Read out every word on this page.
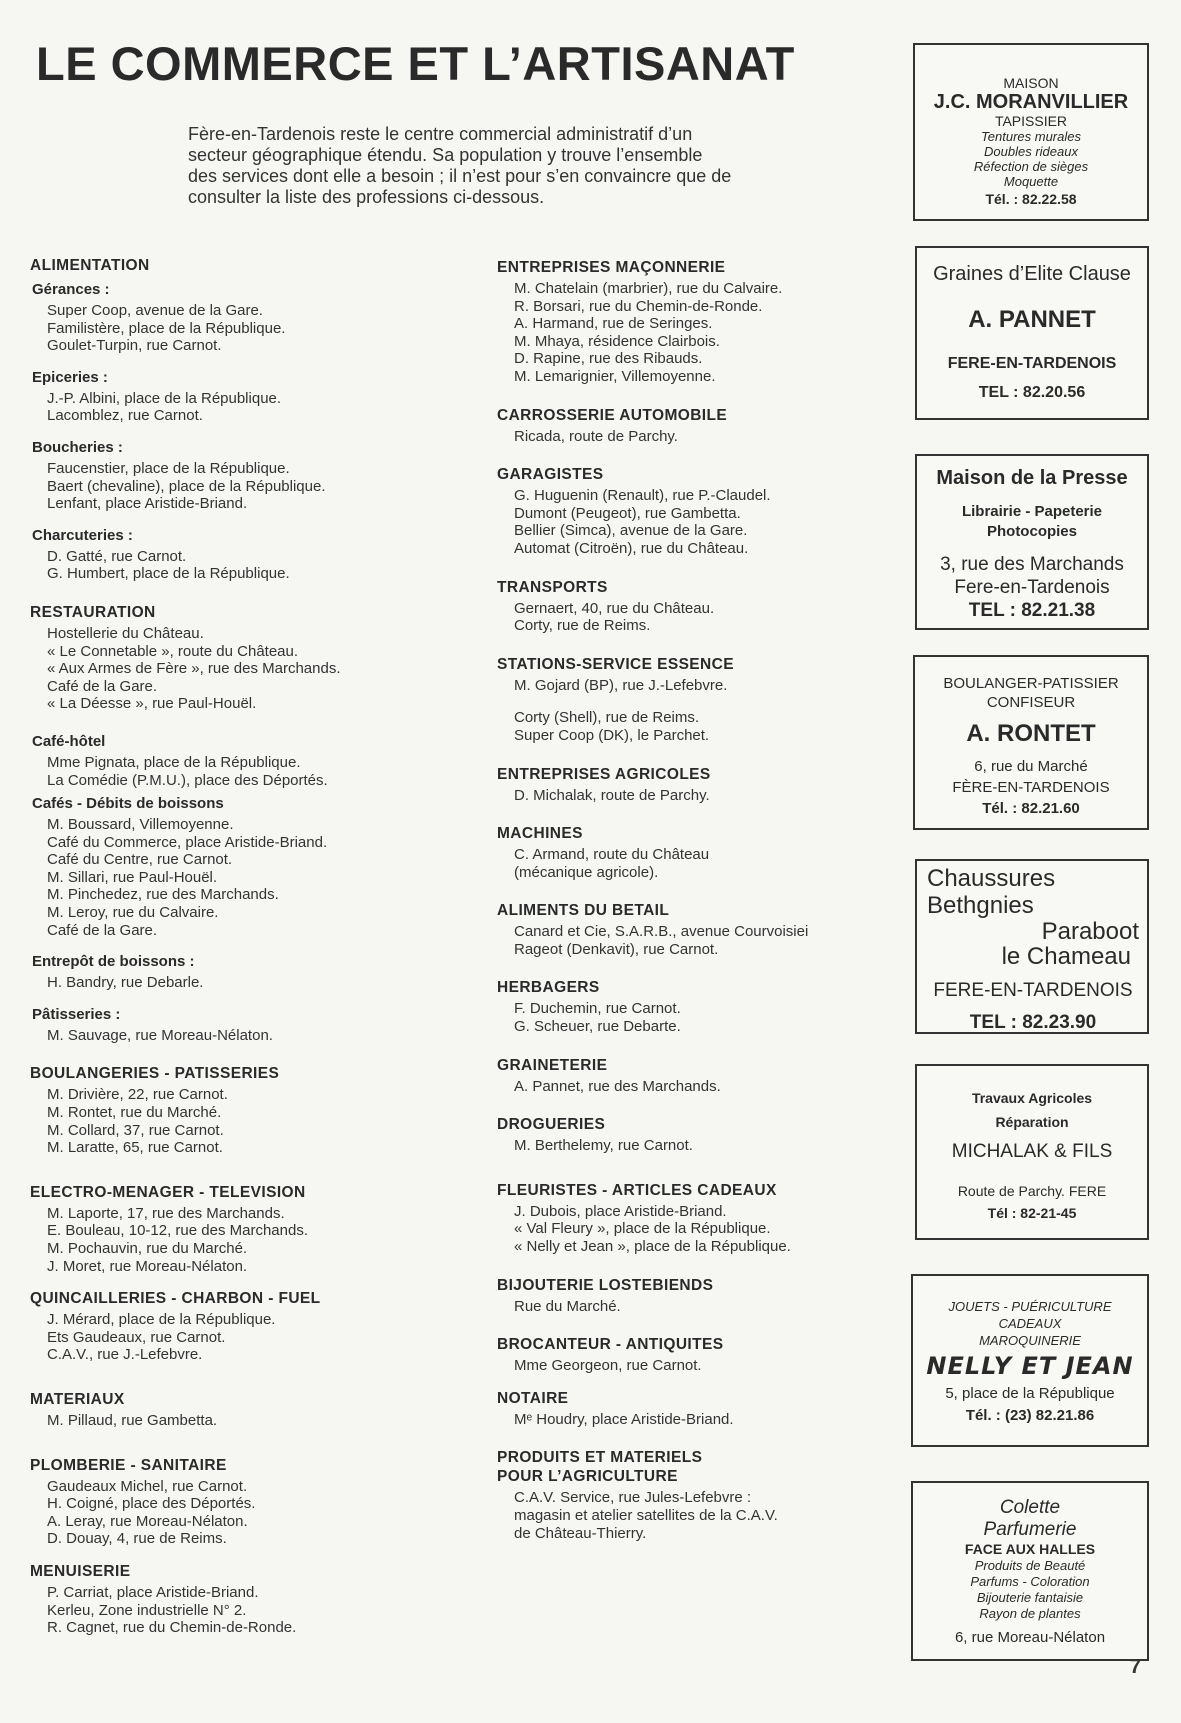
LE COMMERCE ET L’ARTISANAT
Fère-en-Tardenois reste le centre commercial administratif d’un secteur géographique étendu. Sa population y trouve l’ensemble des services dont elle a besoin ; il n’est pour s’en convaincre que de consulter la liste des professions ci-dessous.
ALIMENTATION
Gérances :
Super Coop, avenue de la Gare.
Familistère, place de la République.
Goulet-Turpin, rue Carnot.
Epiceries :
J.-P. Albini, place de la République.
Lacomblez, rue Carnot.
Boucheries :
Faucenstier, place de la République.
Baert (chevaline), place de la République.
Lenfant, place Aristide-Briand.
Charcuteries :
D. Gatté, rue Carnot.
G. Humbert, place de la République.
RESTAURATION
Hostellerie du Château.
« Le Connetable », route du Château.
« Aux Armes de Fère », rue des Marchands.
Café de la Gare.
« La Déesse », rue Paul-Houël.
Café-hôtel
Mme Pignata, place de la République.
La Comédie (P.M.U.), place des Déportés.
Cafés - Débits de boissons
M. Boussard, Villemoyenne.
Café du Commerce, place Aristide-Briand.
Café du Centre, rue Carnot.
M. Sillari, rue Paul-Houël.
M. Pinchedez, rue des Marchands.
M. Leroy, rue du Calvaire.
Café de la Gare.
Entrepôt de boissons :
H. Bandry, rue Debarle.
Pâtisseries :
M. Sauvage, rue Moreau-Nélaton.
BOULANGERIES - PATISSERIES
M. Drivière, 22, rue Carnot.
M. Rontet, rue du Marché.
M. Collard, 37, rue Carnot.
M. Laratte, 65, rue Carnot.
ELECTRO-MENAGER - TELEVISION
M. Laporte, 17, rue des Marchands.
E. Bouleau, 10-12, rue des Marchands.
M. Pochauvin, rue du Marché.
J. Moret, rue Moreau-Nélaton.
QUINCAILLERIES - CHARBON - FUEL
J. Mérard, place de la République.
Ets Gaudeaux, rue Carnot.
C.A.V., rue J.-Lefebvre.
MATERIAUX
M. Pillaud, rue Gambetta.
PLOMBERIE - SANITAIRE
Gaudeaux Michel, rue Carnot.
H. Coigné, place des Déportés.
A. Leray, rue Moreau-Nélaton.
D. Douay, 4, rue de Reims.
MENUISERIE
P. Carriat, place Aristide-Briand.
Kerleu, Zone industrielle N° 2.
R. Cagnet, rue du Chemin-de-Ronde.
ENTREPRISES MAÇONNERIE
M. Chatelain (marbrier), rue du Calvaire.
R. Borsari, rue du Chemin-de-Ronde.
A. Harmand, rue de Seringes.
M. Mhaya, résidence Clairbois.
D. Rapine, rue des Ribauds.
M. Lemarignier, Villemoyenne.
CARROSSERIE AUTOMOBILE
Ricada, route de Parchy.
GARAGISTES
G. Huguenin (Renault), rue P.-Claudel.
Dumont (Peugeot), rue Gambetta.
Bellier (Simca), avenue de la Gare.
Automat (Citroën), rue du Château.
TRANSPORTS
Gernaert, 40, rue du Château.
Corty, rue de Reims.
STATIONS-SERVICE ESSENCE
M. Gojard (BP), rue J.-Lefebvre.
Corty (Shell), rue de Reims.
Super Coop (DK), le Parchet.
ENTREPRISES AGRICOLES
D. Michalak, route de Parchy.
MACHINES
C. Armand, route du Château
(mécanique agricole).
ALIMENTS DU BETAIL
Canard et Cie, S.A.R.B., avenue Courvoisiei
Rageot (Denkavit), rue Carnot.
HERBAGERS
F. Duchemin, rue Carnot.
G. Scheuer, rue Debarte.
GRAINETERIE
A. Pannet, rue des Marchands.
DROGUERIES
M. Berthelemy, rue Carnot.
FLEURISTES - ARTICLES CADEAUX
J. Dubois, place Aristide-Briand.
« Val Fleury », place de la République.
« Nelly et Jean », place de la République.
BIJOUTERIE LOSTEBIENDS
Rue du Marché.
BROCANTEUR - ANTIQUITES
Mme Georgeon, rue Carnot.
NOTAIRE
Mᵉ Houdry, place Aristide-Briand.
PRODUITS ET MATERIELS
POUR L’AGRICULTURE
C.A.V. Service, rue Jules-Lefebvre :
magasin et atelier satellites de la C.A.V.
de Château-Thierry.
MAISON
J.C. MORANVILLIER
TAPISSIER
Tentures murales
Doubles rideaux
Réfection de sièges
Moquette
Tél. : 82.22.58
Graines d’Elite Clause
A. PANNET
FERE-EN-TARDENOIS
TEL : 82.20.56
Maison de la Presse
Librairie - Papeterie
Photocopies
3, rue des Marchands
Fere-en-Tardenois
TEL : 82.21.38
BOULANGER-PATISSIER
CONFISEUR
A. RONTET
6, rue du Marché
FÈRE-EN-TARDENOIS
Tél. : 82.21.60
Chaussures
Bethgnies
Paraboot
le Chameau
FERE-EN-TARDENOIS
TEL : 82.23.90
Travaux Agricoles
Réparation
MICHALAK & FILS
Route de Parchy. FERE
Tél : 82-21-45
JOUETS - PUÉRICULTURE
CADEAUX
MAROQUINERIE
NELLY ET JEAN
5, place de la République
Tél. : (23) 82.21.86
Colette
Parfumerie
FACE AUX HALLES
Produits de Beauté
Parfums - Coloration
Bijouterie fantaisie
Rayon de plantes
6, rue Moreau-Nélaton
7
